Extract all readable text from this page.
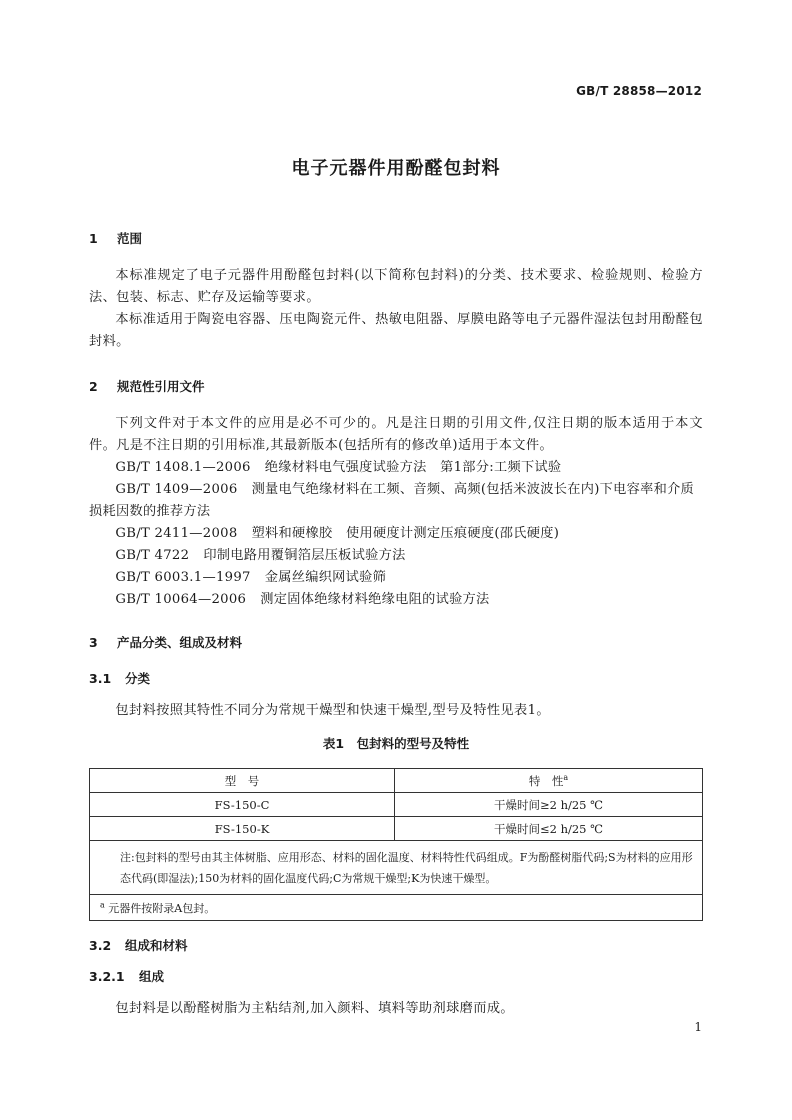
GB/T 28858—2012
电子元器件用酚醛包封料
1 范围
本标准规定了电子元器件用酚醛包封料(以下简称包封料)的分类、技术要求、检验规则、检验方法、包装、标志、贮存及运输等要求。
本标准适用于陶瓷电容器、压电陶瓷元件、热敏电阻器、厚膜电路等电子元器件湿法包封用酚醛包封料。
2 规范性引用文件
下列文件对于本文件的应用是必不可少的。凡是注日期的引用文件,仅注日期的版本适用于本文件。凡是不注日期的引用标准,其最新版本(包括所有的修改单)适用于本文件。
GB/T 1408.1—2006 绝缘材料电气强度试验方法　第1部分:工频下试验
GB/T 1409—2006 测量电气绝缘材料在工频、音频、高频(包括米波波长在内)下电容率和介质损耗因数的推荐方法
GB/T 2411—2008 塑料和硬橡胶　使用硬度计测定压痕硬度(邵氏硬度)
GB/T 4722 印制电路用覆铜箔层压板试验方法
GB/T 6003.1—1997 金属丝编织网试验筛
GB/T 10064—2006 测定固体绝缘材料绝缘电阻的试验方法
3 产品分类、组成及材料
3.1 分类
包封料按照其特性不同分为常规干燥型和快速干燥型,型号及特性见表1。
表1　包封料的型号及特性
型　号	特　性$^a$
FS-150-C	干燥时间≥2 h/25 ℃
FS-150-K	干燥时间≤2 h/25 ℃
注:包封料的型号由其主体树脂、应用形态、材料的固化温度、材料特性代码组成。F为酚醛树脂代码;S为材料的应用形态代码(即湿法);150为材料的固化温度代码;C为常规干燥型;K为快速干燥型。	
$^a$ 元器件按附录A包封。	
3.2 组成和材料
3.2.1 组成
包封料是以酚醛树脂为主粘结剂,加入颜料、填料等助剂球磨而成。
1
